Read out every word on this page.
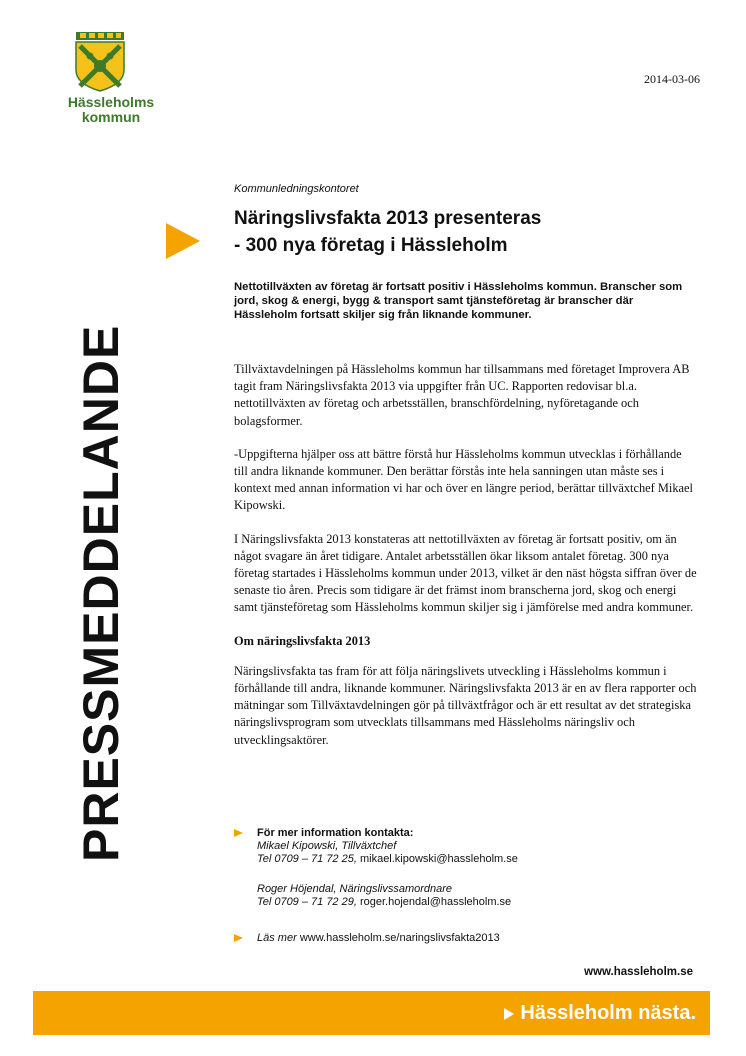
Hässleholms
kommun
2014-03-06
PRESSMEDDELANDE
Kommunledningskontoret
Näringslivsfakta 2013 presenteras
- 300 nya företag i Hässleholm
Nettotillväxten av företag är fortsatt positiv i Hässleholms kommun. Branscher som jord, skog & energi, bygg & transport samt tjänsteföretag är branscher där Hässleholm fortsatt skiljer sig från liknande kommuner.

Tillväxtavdelningen på Hässleholms kommun har tillsammans med företaget Improvera AB tagit fram Näringslivsfakta 2013 via uppgifter från UC. Rapporten redovisar bl.a. nettotillväxten av företag och arbetsställen, branschfördelning, nyföretagande och bolagsformer.

-Uppgifterna hjälper oss att bättre förstå hur Hässleholms kommun utvecklas i förhållande till andra liknande kommuner. Den berättar förstås inte hela sanningen utan måste ses i kontext med annan information vi har och över en längre period, berättar tillväxtchef Mikael Kipowski.

I Näringslivsfakta 2013 konstateras att nettotillväxten av företag är fortsatt positiv, om än något svagare än året tidigare. Antalet arbetsställen ökar liksom antalet företag. 300 nya företag startades i Hässleholms kommun under 2013, vilket är den näst högsta siffran över de senaste tio åren. Precis som tidigare är det främst inom branscherna jord, skog och energi samt tjänsteföretag som Hässleholms kommun skiljer sig i jämförelse med andra kommuner.

Om näringslivsfakta 2013

Näringslivsfakta tas fram för att följa näringslivets utveckling i Hässleholms kommun i förhållande till andra, liknande kommuner. Näringslivsfakta 2013 är en av flera rapporter och mätningar som Tillväxtavdelningen gör på tillväxtfrågor och är ett resultat av det strategiska näringslivsprogram som utvecklats tillsammans med Hässleholms näringsliv och utvecklingsaktörer.

För mer information kontakta:
Mikael Kipowski, Tillväxtchef
Tel 0709 – 71 72 25, mikael.kipowski@hassleholm.se
Roger Höjendal, Näringslivssamordnare
Tel 0709 – 71 72 29, roger.hojendal@hassleholm.se
Läs mer www.hassleholm.se/naringslivsfakta2013
www.hassleholm.se
Hässleholm nästa.
